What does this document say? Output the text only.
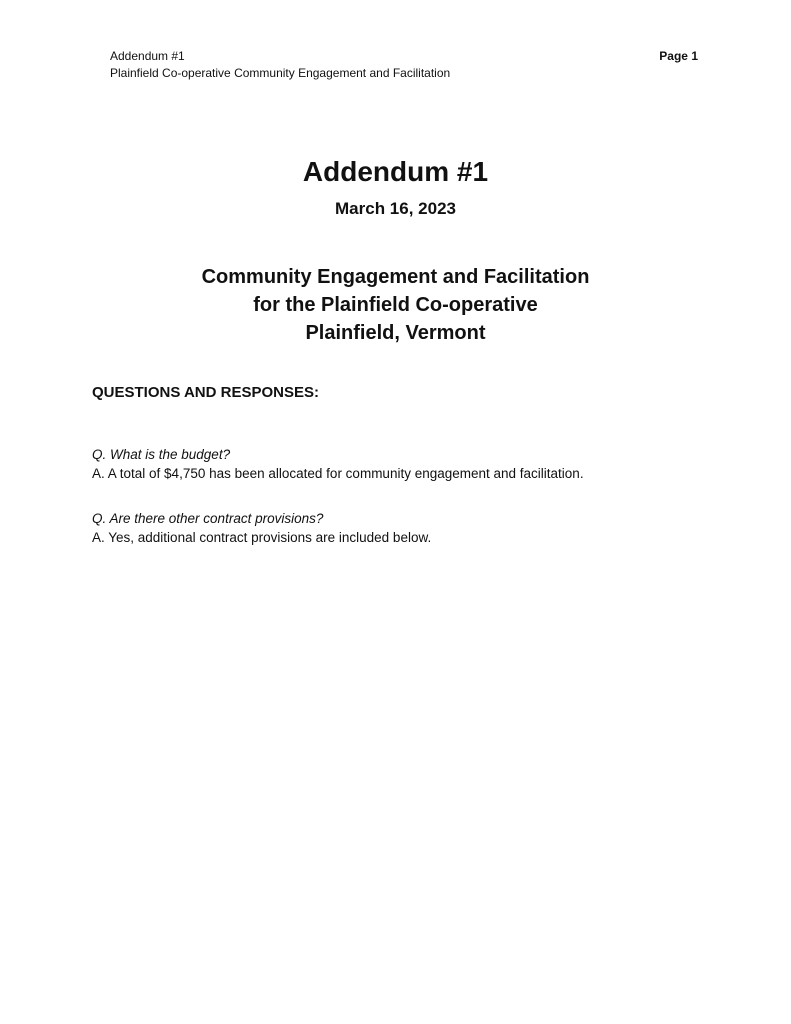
Addendum #1
Plainfield Co-operative Community Engagement and Facilitation
Page 1
Addendum #1

March 16, 2023

Community Engagement and Facilitation
for the Plainfield Co-operative
Plainfield, Vermont
QUESTIONS AND RESPONSES:
Q. What is the budget?
A. A total of $4,750 has been allocated for community engagement and facilitation.
Q. Are there other contract provisions?
A. Yes, additional contract provisions are included below.
